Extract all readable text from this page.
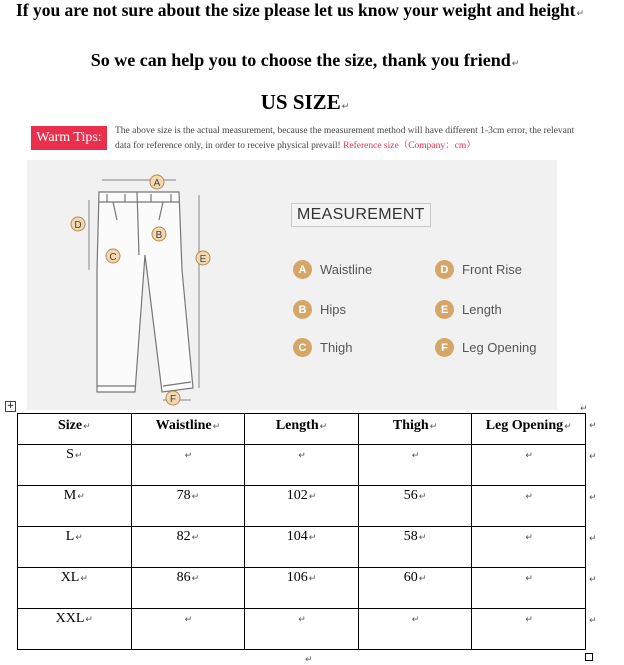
If you are not sure about the size please let us know your weight and height↵
So we can help you to choose the size, thank you friend↵
US SIZE↵
Warm Tips:	The above size is the actual measurement, because the measurement method will have different 1-3cm error, the relevant data for reference only, in order to receive physical prevail! Reference size（Company：cm）
A
B
C
D
E
F
MEASUREMENT
A	Waistline
B	Hips
C	Thigh
D	Front Rise
E	Length
F	Leg Opening
+	↵
Size↵	Waistline↵	Length↵	Thigh↵	Leg Opening↵
S↵	↵	↵	↵	↵
M↵	78↵	102↵	56↵	↵
L↵	82↵	104↵	58↵	↵
XL↵	86↵	106↵	60↵	↵
XXL↵	↵	↵	↵	↵
↵
↵
↵
↵
↵
↵
↵
